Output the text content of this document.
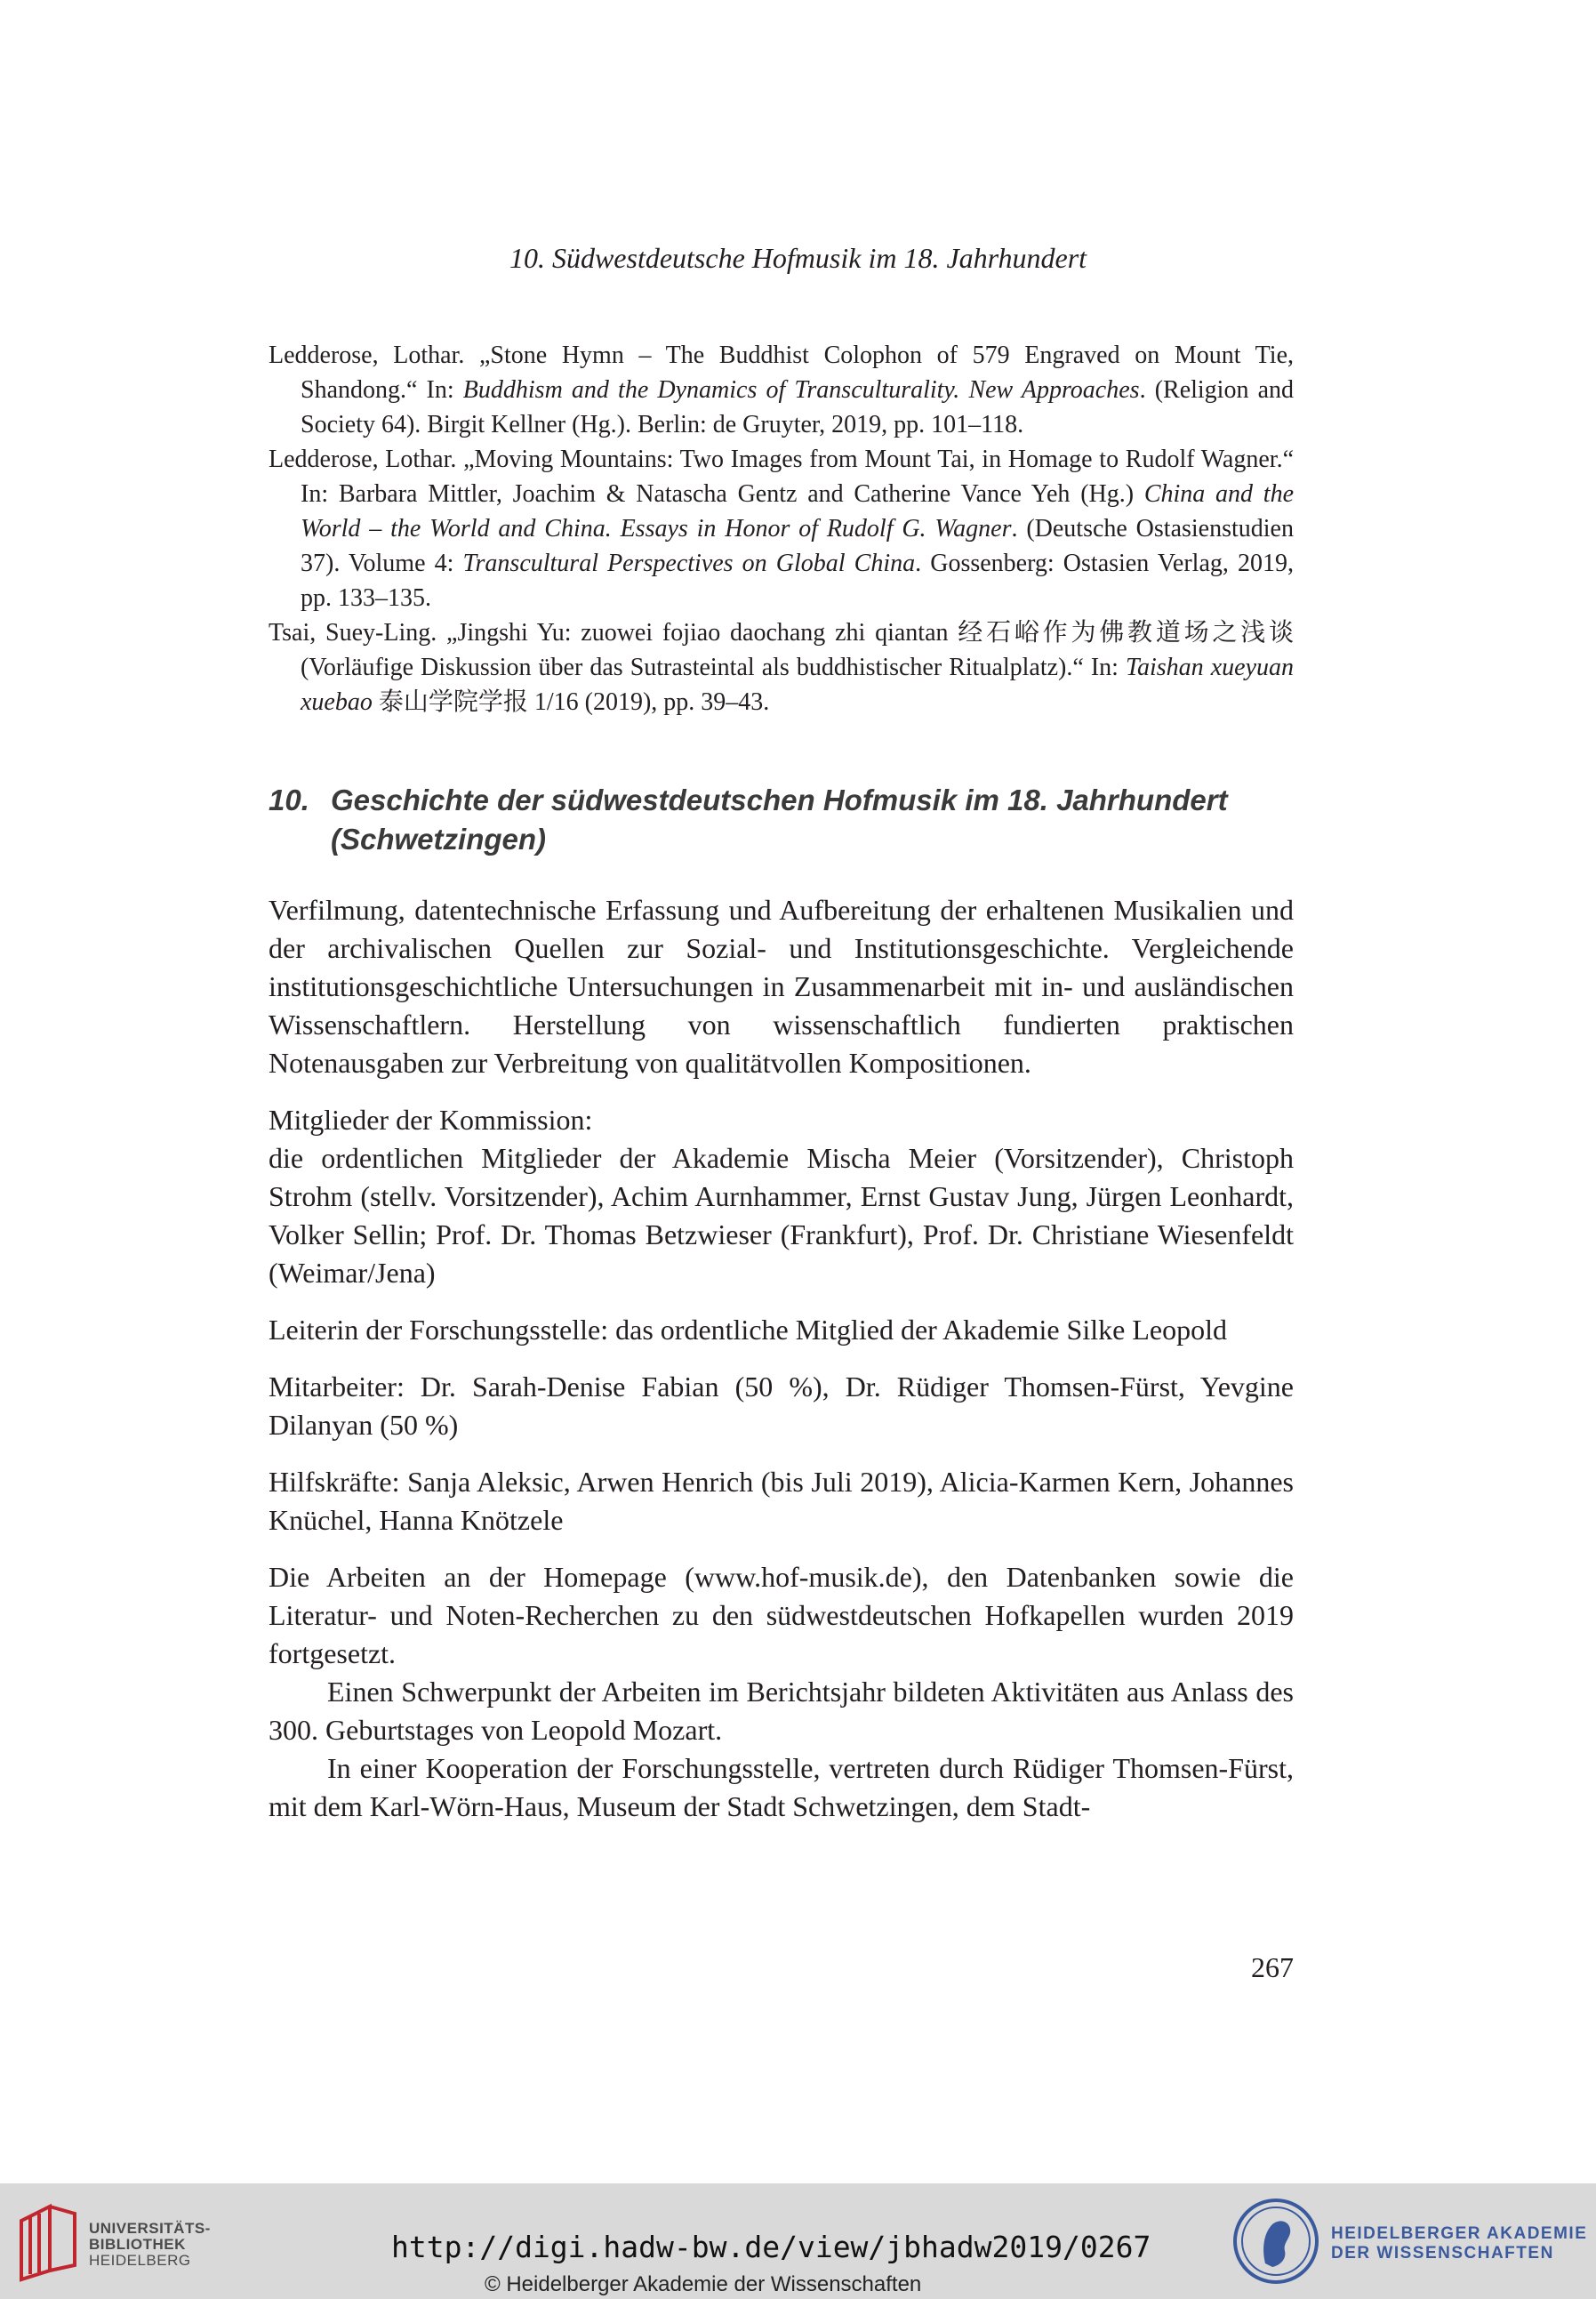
10. Südwestdeutsche Hofmusik im 18. Jahrhundert

Ledderose, Lothar. „Stone Hymn – The Buddhist Colophon of 579 Engraved on Mount Tie, Shandong.“ In: Buddhism and the Dynamics of Transculturality. New Approaches. (Religion and Society 64). Birgit Kellner (Hg.). Berlin: de Gruyter, 2019, pp. 101–118.

Ledderose, Lothar. „Moving Mountains: Two Images from Mount Tai, in Homage to Rudolf Wagner.“ In: Barbara Mittler, Joachim & Natascha Gentz and Catherine Vance Yeh (Hg.) China and the World – the World and China. Essays in Honor of Rudolf G. Wagner. (Deutsche Ostasienstudien 37). Volume 4: Transcultural Perspectives on Global China. Gossenberg: Ostasien Verlag, 2019, pp. 133–135.

Tsai, Suey-Ling. „Jingshi Yu: zuowei fojiao daochang zhi qiantan 经石峪作为佛教道场之浅谈 (Vorläufige Diskussion über das Sutrasteintal als buddhistischer Ritualplatz).“ In: Taishan xueyuan xuebao 泰山学院学报 1/16 (2019), pp. 39–43.

10. Geschichte der südwestdeutschen Hofmusik im 18. Jahrhundert (Schwetzingen)

Verfilmung, datentechnische Erfassung und Aufbereitung der erhaltenen Musikalien und der archivalischen Quellen zur Sozial- und Institutionsgeschichte. Vergleichende institutionsgeschichtliche Untersuchungen in Zusammenarbeit mit in- und ausländischen Wissenschaftlern. Herstellung von wissenschaftlich fundierten praktischen Notenausgaben zur Verbreitung von qualitätvollen Kompositionen.

Mitglieder der Kommission:

die ordentlichen Mitglieder der Akademie Mischa Meier (Vorsitzender), Christoph Strohm (stellv. Vorsitzender), Achim Aurnhammer, Ernst Gustav Jung, Jürgen Leonhardt, Volker Sellin; Prof. Dr. Thomas Betzwieser (Frankfurt), Prof. Dr. Christiane Wiesenfeldt (Weimar/Jena)

Leiterin der Forschungsstelle: das ordentliche Mitglied der Akademie Silke Leopold

Mitarbeiter: Dr. Sarah-Denise Fabian (50 %), Dr. Rüdiger Thomsen-Fürst, Yevgine Dilanyan (50 %)

Hilfskräfte: Sanja Aleksic, Arwen Henrich (bis Juli 2019), Alicia-Karmen Kern, Johannes Knüchel, Hanna Knötzele

Die Arbeiten an der Homepage (www.hof-musik.de), den Datenbanken sowie die Literatur- und Noten-Recherchen zu den südwestdeutschen Hofkapellen wurden 2019 fortgesetzt.

Einen Schwerpunkt der Arbeiten im Berichtsjahr bildeten Aktivitäten aus Anlass des 300. Geburtstages von Leopold Mozart.

In einer Kooperation der Forschungsstelle, vertreten durch Rüdiger Thomsen-Fürst, mit dem Karl-Wörn-Haus, Museum der Stadt Schwetzingen, dem Stadt-

267
UNIVERSITÄTS-
BIBLIOTHEK
HEIDELBERG	http://digi.hadw-bw.de/view/jbhadw2019/0267
© Heidelberger Akademie der Wissenschaften
HEIDELBERGER AKADEMIE
DER WISSENSCHAFTEN
